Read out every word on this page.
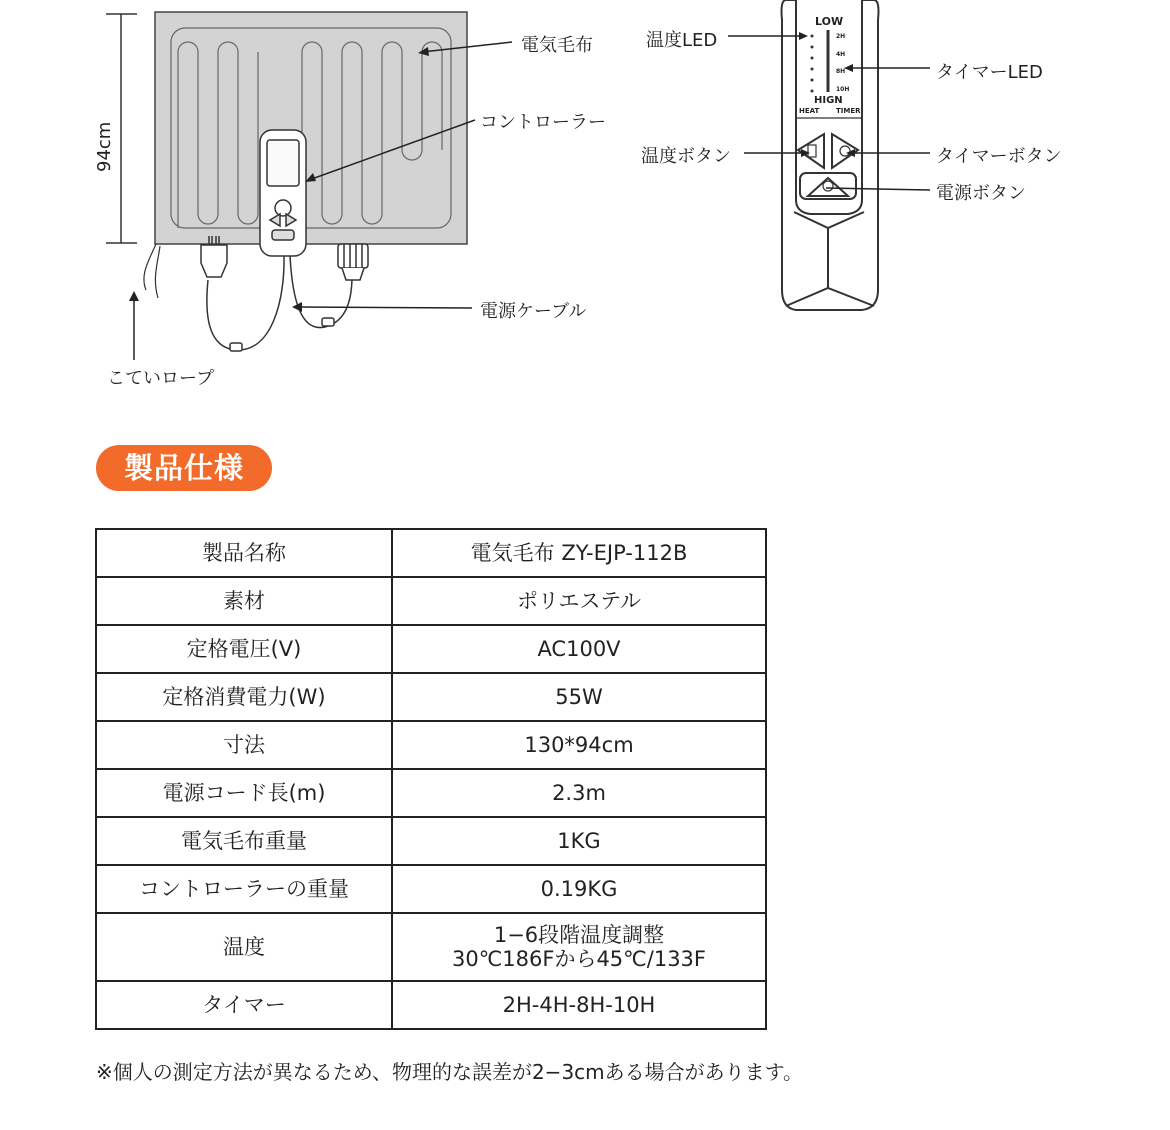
94cm
電気毛布
コントローラー
電源ケーブル
こていロープ
温度LED
タイマーLED
温度ボタン	タイマーボタン
電源ボタン
LOW
HIGN
HEAT TIMER
2H
4H
8H
10H
製品仕様
製品名称	電気毛布 ZY-EJP-112B
素材	ポリエステル
定格電圧(V)	AC100V
定格消費電力(W)	55W
寸法	130*94cm
電源コード長(m)	2.3m
電気毛布重量	1KG
コントローラーの重量	0.19KG
温度	1−6段階温度調整
30℃186Fから45℃/133F

タイマー	2H-4H-8H-10H
※個人の測定方法が異なるため、物理的な誤差が2−3cmある場合があります。
